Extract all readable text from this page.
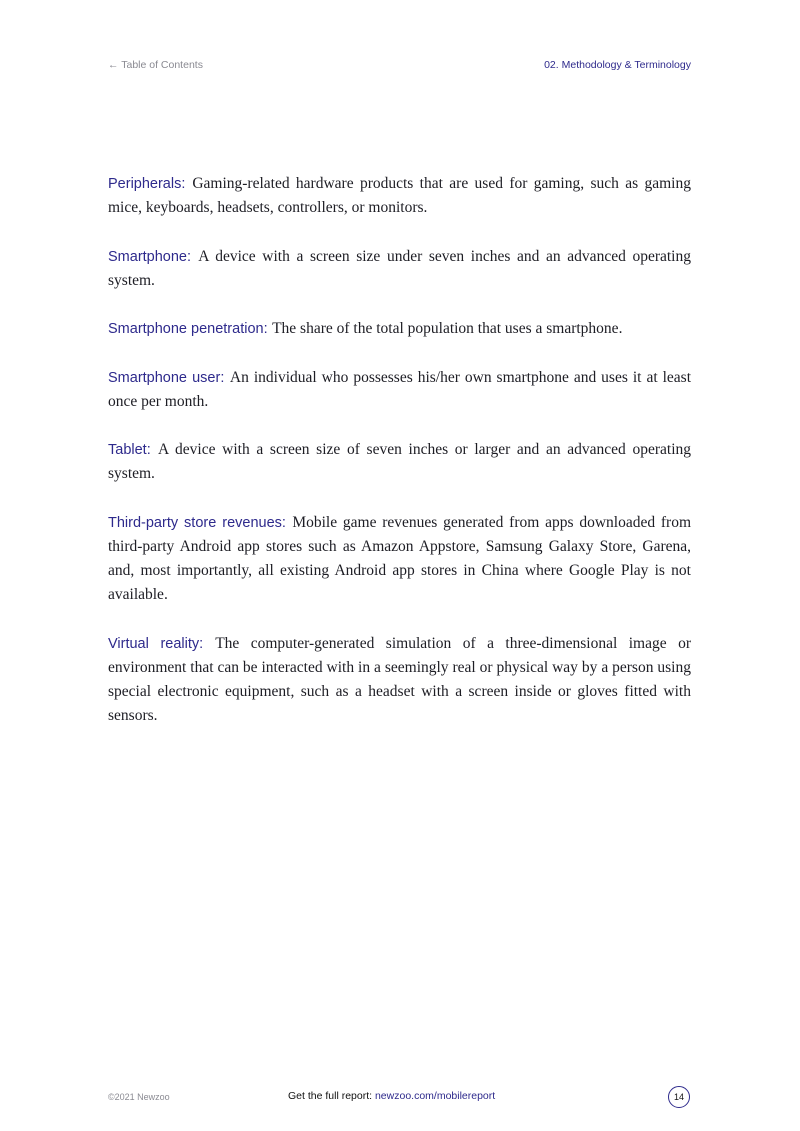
← Table of Contents	02. Methodology & Terminology

Peripherals: Gaming-related hardware products that are used for gaming, such as gaming mice, keyboards, headsets, controllers, or monitors.

Smartphone: A device with a screen size under seven inches and an advanced operating system.

Smartphone penetration: The share of the total population that uses a smartphone.

Smartphone user: An individual who possesses his/her own smartphone and uses it at least once per month.

Tablet: A device with a screen size of seven inches or larger and an advanced operating system.

Third-party store revenues: Mobile game revenues generated from apps downloaded from third-party Android app stores such as Amazon Appstore, Samsung Galaxy Store, Garena, and, most importantly, all existing Android app stores in China where Google Play is not available.

Virtual reality: The computer-generated simulation of a three-dimensional image or environment that can be interacted with in a seemingly real or physical way by a person using special electronic equipment, such as a headset with a screen inside or gloves fitted with sensors.

©2021 Newzoo	Get the full report: newzoo.com/mobilereport	14
